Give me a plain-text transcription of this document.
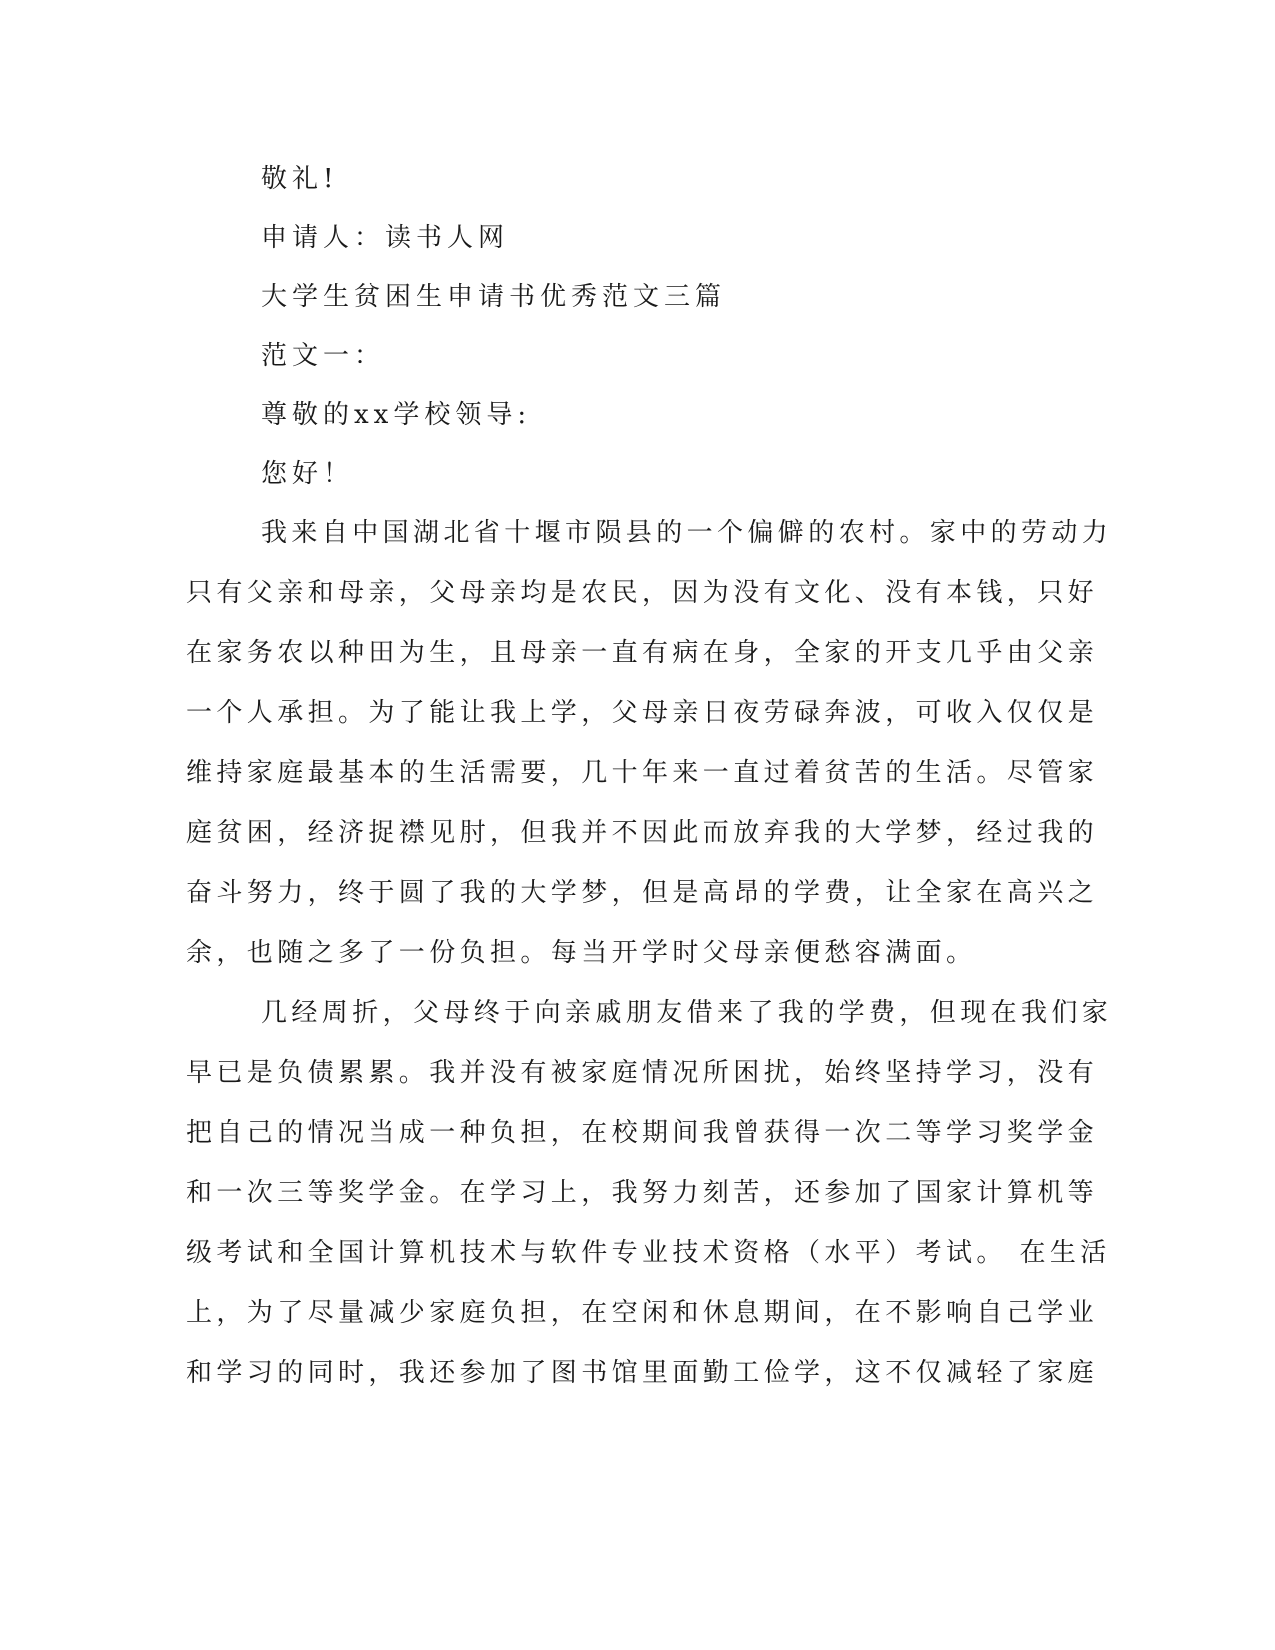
敬礼!

申请人：读书人网

大学生贫困生申请书优秀范文三篇

范文一：

尊敬的xx学校领导:

您好！

我来自中国湖北省十堰市陨县的一个偏僻的农村。家中的劳动力

只有父亲和母亲，父母亲均是农民，因为没有文化、没有本钱，只好

在家务农以种田为生，且母亲一直有病在身，全家的开支几乎由父亲

一个人承担。为了能让我上学，父母亲日夜劳碌奔波，可收入仅仅是

维持家庭最基本的生活需要，几十年来一直过着贫苦的生活。尽管家

庭贫困，经济捉襟见肘，但我并不因此而放弃我的大学梦，经过我的

奋斗努力，终于圆了我的大学梦，但是高昂的学费，让全家在高兴之

余，也随之多了一份负担。每当开学时父母亲便愁容满面。

几经周折，父母终于向亲戚朋友借来了我的学费，但现在我们家

早已是负债累累。我并没有被家庭情况所困扰，始终坚持学习，没有

把自己的情况当成一种负担，在校期间我曾获得一次二等学习奖学金

和一次三等奖学金。在学习上，我努力刻苦，还参加了国家计算机等

级考试和全国计算机技术与软件专业技术资格（水平）考试。 在生活

上，为了尽量减少家庭负担，在空闲和休息期间，在不影响自己学业

和学习的同时，我还参加了图书馆里面勤工俭学，这不仅减轻了家庭
